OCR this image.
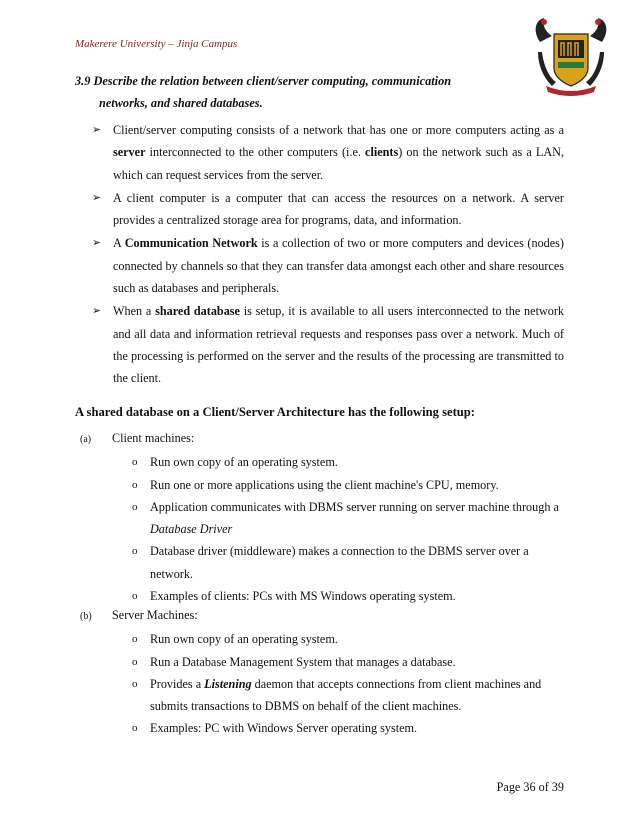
Makerere University – Jinja Campus
3.9 Describe the relation between client/server computing, communication
networks, and shared databases.
➢ Client/server computing consists of a network that has one or more computers acting as a server interconnected to the other computers (i.e. clients) on the network such as a LAN, which can request services from the server.
➢ A client computer is a computer that can access the resources on a network. A server provides a centralized storage area for programs, data, and information.
➢ A Communication Network is a collection of two or more computers and devices (nodes) connected by channels so that they can transfer data amongst each other and share resources such as databases and peripherals.
➢ When a shared database is setup, it is available to all users interconnected to the network and all data and information retrieval requests and responses pass over a network. Much of the processing is performed on the server and the results of the processing are transmitted to the client.
A shared database on a Client/Server Architecture has the following setup:
(a) Client machines:
o Run own copy of an operating system.
o Run one or more applications using the client machine's CPU, memory.
o Application communicates with DBMS server running on server machine through a Database Driver
o Database driver (middleware) makes a connection to the DBMS server over a network.
o Examples of clients: PCs with MS Windows operating system.
(b) Server Machines:
o Run own copy of an operating system.
o Run a Database Management System that manages a database.
o Provides a Listening daemon that accepts connections from client machines and submits transactions to DBMS on behalf of the client machines.
o Examples: PC with Windows Server operating system.
Page 36 of 39
